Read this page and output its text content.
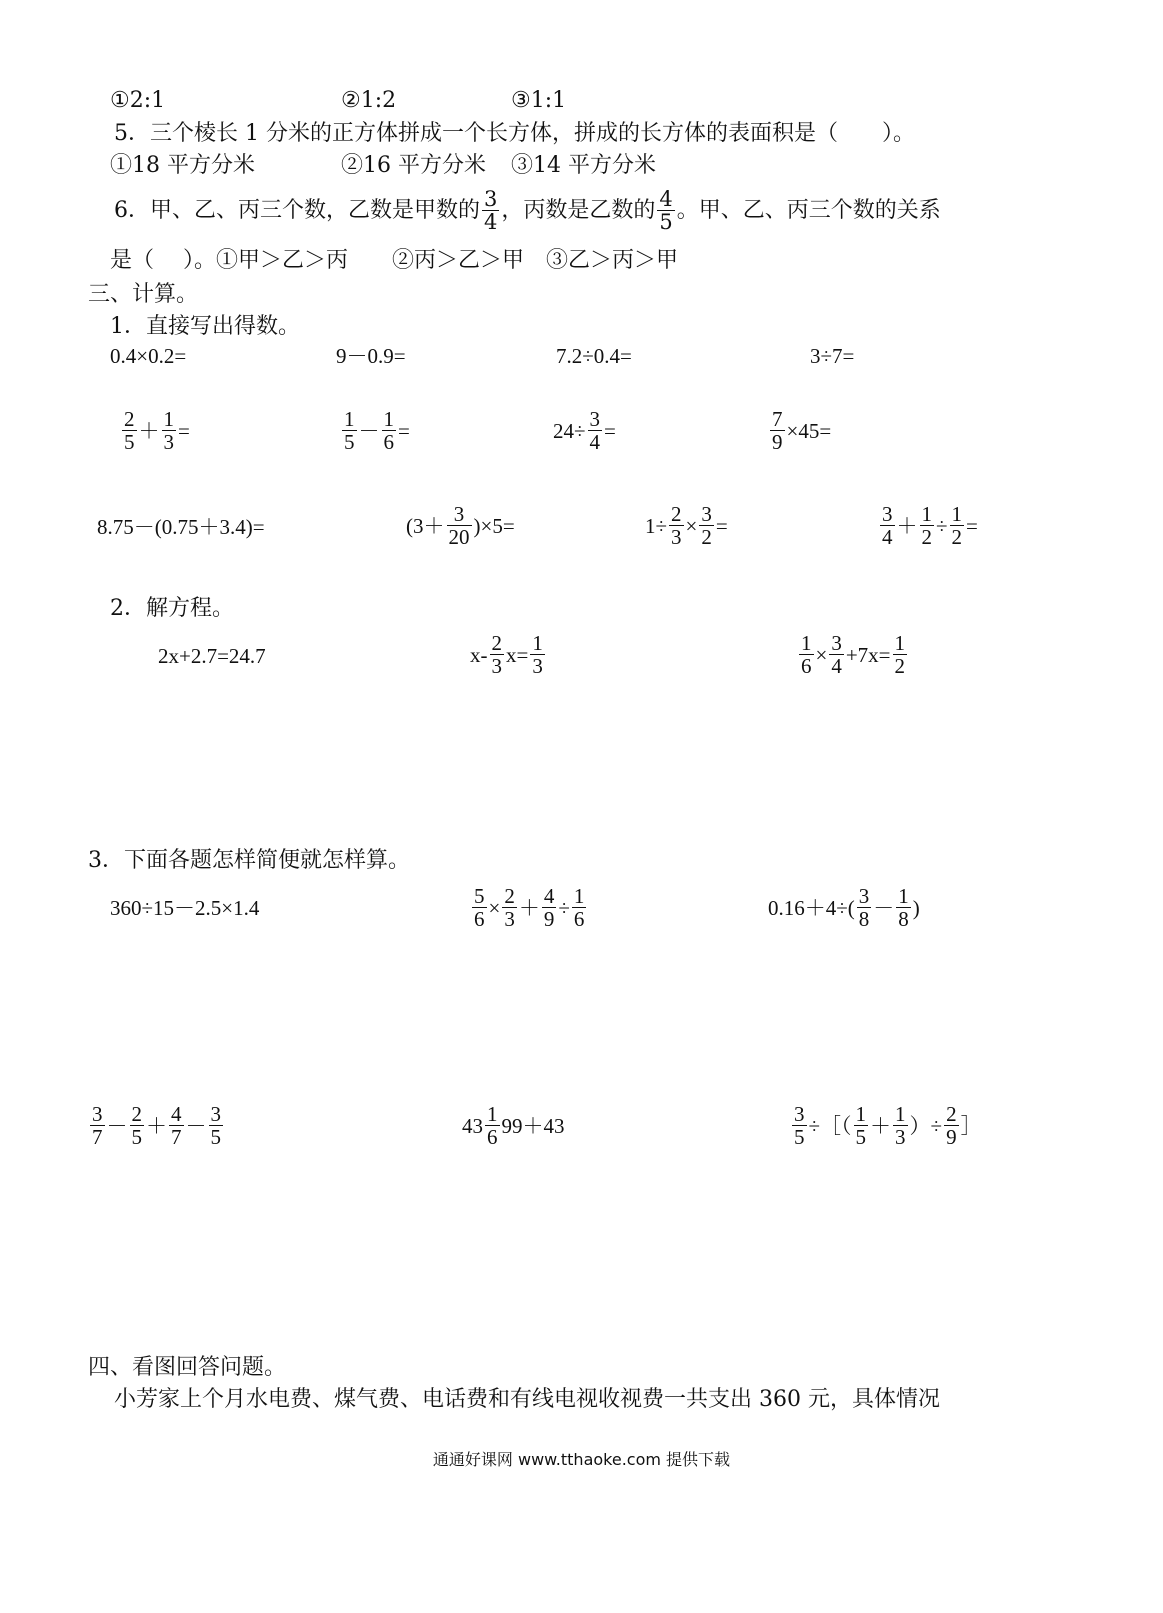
①2:1	②1:2	③1:1
5．三个棱长 1 分米的正方体拼成一个长方体，拼成的长方体的表面积是（　　）。
①18 平方分米	②16 平方分米 ③14 平方分米
6．甲、乙、丙三个数，乙数是甲数的 3
4 ，丙数是乙数的 4
5 。甲、乙、丙三个数的关系
是（　 ）。①甲＞乙＞丙　　②丙＞乙＞甲　③乙＞丙＞甲
三、计算。
1．直接写出得数。
0.4×0.2=	9－0.9=	7.2÷0.4=	3÷7=
2
$5 + \frac{1}{3}$ =	1
$5 - \frac{1}{6}$ =	$24\div \frac{3}{4}$ =	$\frac{7}{9} \times 45=$
8.75－(0.75＋3.4)=	(3＋ 3
20 )×5=	$1\div \frac{2}{3} \times \frac{3}{2}$ =	3
$4 + \frac{1}{2} \div \frac{1}{2}$ =
2．解方程。
2x+2.7=24.7	x- 2
3 $x= \frac{1}{3}$	$\frac{1}{6} \times \frac{3}{4} +7x= \frac{1}{2}$
3．下面各题怎样简便就怎样算。
360÷15－2.5×1.4	$\frac{5}{6} \times \frac{2}{3} + \frac{4}{9} \div \frac{1}{6}$	0.16＋4÷( 3
8 － 1
8 )
3
7 － 2
5 ＋ 4
7 － 3
5	43 1
6 99＋43	$\frac{3}{5}$ ÷［（ 1
5 ＋ 1
3 ）÷ $\frac{2}{9}$ ］
四、看图回答问题。
小芳家上个月水电费、煤气费、电话费和有线电视收视费一共支出 360 元，具体情况
通通好课网 www.tthaoke.com 提供下载
